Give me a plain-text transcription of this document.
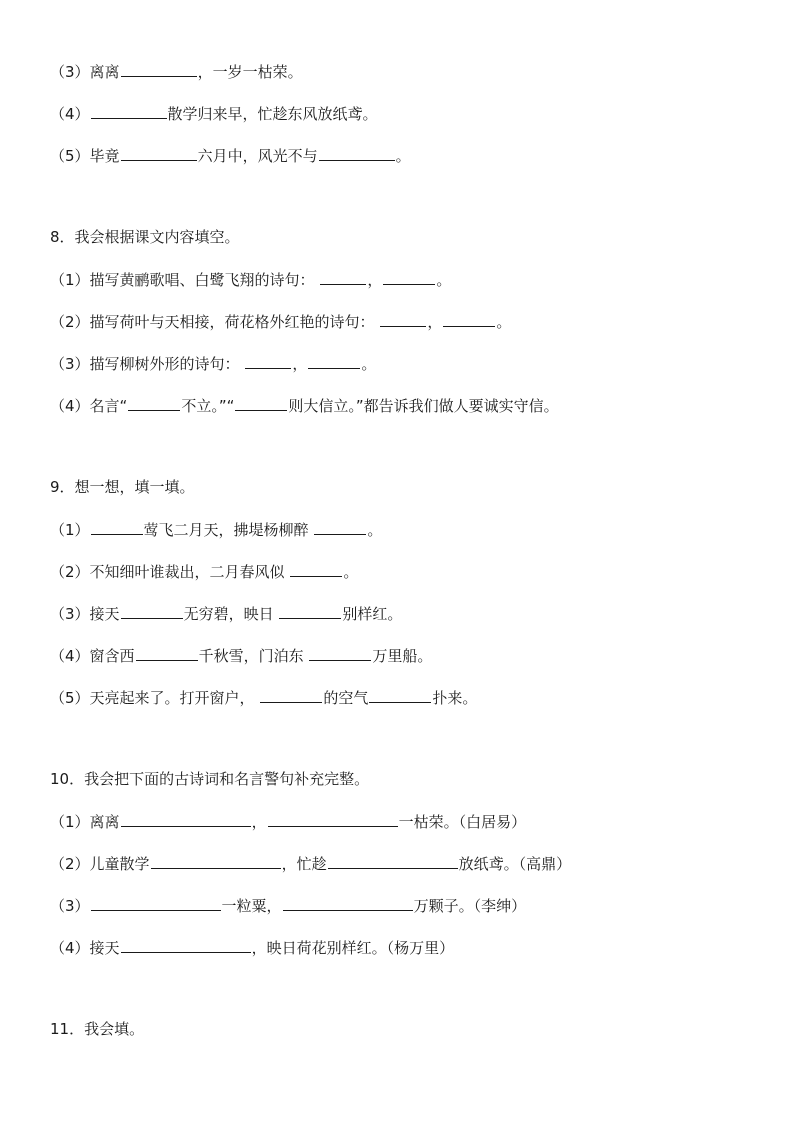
（3）离离	，一岁一枯荣。
（4）	散学归来早，忙趁东风放纸鸢。
（5）毕竟	六月中，风光不与	。
8．我会根据课文内容填空。
（1）描写黄鹂歌唱、白鹭飞翔的诗句：	，	。
（2）描写荷叶与天相接，荷花格外红艳的诗句：	，	。
（3）描写柳树外形的诗句：	，	。
（4）名言“	不立。”“	则大信立。”都告诉我们做人要诚实守信。
9．想一想，填一填。
（1）	莺飞二月天，拂堤杨柳醉	。
（2）不知细叶谁裁出，二月春风似	。
（3）接天	无穷碧，映日	别样红。
（4）窗含西	千秋雪，门泊东	万里船。
（5）天亮起来了。打开窗户，	的空气	扑来。
10．我会把下面的古诗词和名言警句补充完整。
（1）离离	，	一枯荣。（白居易）
（2）儿童散学	，忙趁	放纸鸢。（高鼎）
（3）	一粒粟，	万颗子。（李绅）
（4）接天	，映日荷花别样红。（杨万里）
11．我会填。
